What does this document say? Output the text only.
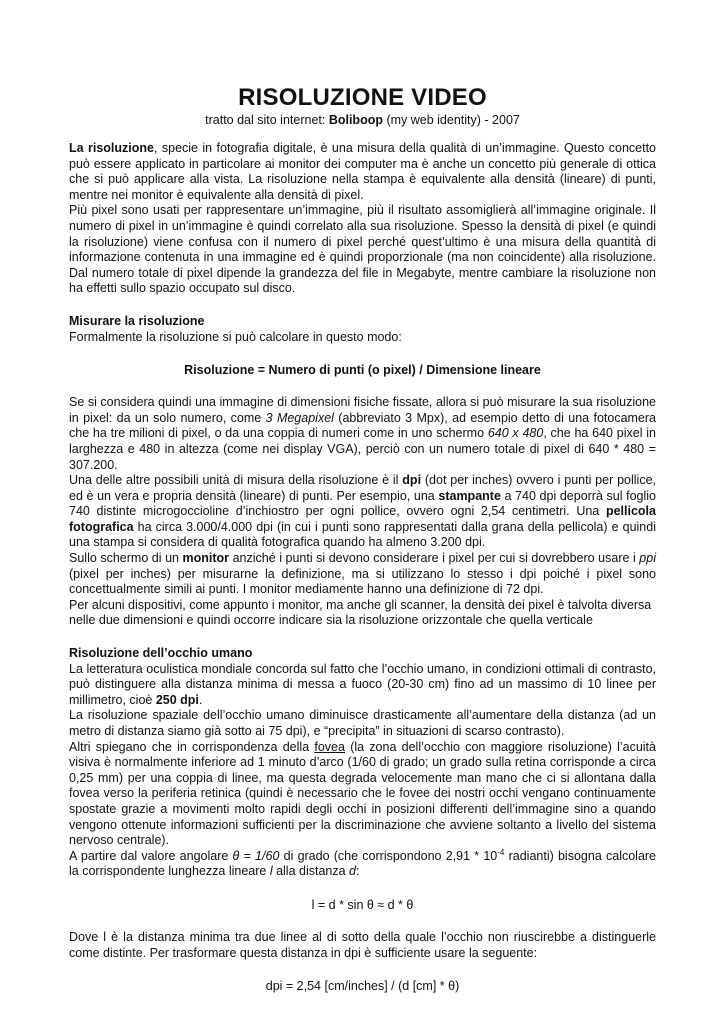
RISOLUZIONE VIDEO

tratto dal sito internet: Boliboop (my web identity) - 2007

La risoluzione, specie in fotografia digitale, è una misura della qualità di un’immagine. Questo concetto può essere applicato in particolare ai monitor dei computer ma è anche un concetto più generale di ottica che si può applicare alla vista. La risoluzione nella stampa è equivalente alla densità (lineare) di punti, mentre nei monitor è equivalente alla densità di pixel.

Più pixel sono usati per rappresentare un’immagine, più il risultato assomiglierà all’immagine originale. Il numero di pixel in un’immagine è quindi correlato alla sua risoluzione. Spesso la densità di pixel (e quindi la risoluzione) viene confusa con il numero di pixel perché quest’ultimo è una misura della quantità di informazione contenuta in una immagine ed è quindi proporzionale (ma non coincidente) alla risoluzione. Dal numero totale di pixel dipende la grandezza del file in Megabyte, mentre cambiare la risoluzione non ha effetti sullo spazio occupato sul disco.

Misurare la risoluzione

Formalmente la risoluzione si può calcolare in questo modo:

Risoluzione = Numero di punti (o pixel) / Dimensione lineare

Se si considera quindi una immagine di dimensioni fisiche fissate, allora si può misurare la sua risoluzione in pixel: da un solo numero, come 3 Megapixel (abbreviato 3 Mpx), ad esempio detto di una fotocamera che ha tre milioni di pixel, o da una coppia di numeri come in uno schermo 640 x 480, che ha 640 pixel in larghezza e 480 in altezza (come nei display VGA), perciò con un numero totale di pixel di 640 * 480 = 307.200.

Una delle altre possibili unità di misura della risoluzione è il dpi (dot per inches) ovvero i punti per pollice, ed è un vera e propria densità (lineare) di punti. Per esempio, una stampante a 740 dpi deporrà sul foglio 740 distinte microgoccioline d’inchiostro per ogni pollice, ovvero ogni 2,54 centimetri. Una pellicola fotografica ha circa 3.000/4.000 dpi (in cui i punti sono rappresentati dalla grana della pellicola) e quindi una stampa si considera di qualità fotografica quando ha almeno 3.200 dpi.

Sullo schermo di un monitor anziché i punti si devono considerare i pixel per cui si dovrebbero usare i ppi (pixel per inches) per misurarne la definizione, ma si utilizzano lo stesso i dpi poiché i pixel sono concettualmente simili ai punti. I monitor mediamente hanno una definizione di 72 dpi.

Per alcuni dispositivi, come appunto i monitor, ma anche gli scanner, la densità dei pixel è talvolta diversa nelle due dimensioni e quindi occorre indicare sia la risoluzione orizzontale che quella verticale

Risoluzione dell’occhio umano

La letteratura oculistica mondiale concorda sul fatto che l’occhio umano, in condizioni ottimali di contrasto, può distinguere alla distanza minima di messa a fuoco (20-30 cm) fino ad un massimo di 10 linee per millimetro, cioè 250 dpi.

La risoluzione spaziale dell’occhio umano diminuisce drasticamente all’aumentare della distanza (ad un metro di distanza siamo già sotto ai 75 dpi), e “precipita” in situazioni di scarso contrasto).

Altri spiegano che in corrispondenza della fovea (la zona dell’occhio con maggiore risoluzione) l’acuità visiva è normalmente inferiore ad 1 minuto d’arco (1/60 di grado; un grado sulla retina corrisponde a circa 0,25 mm) per una coppia di linee, ma questa degrada velocemente man mano che ci si allontana dalla fovea verso la periferia retinica (quindi è necessario che le fovee dei nostri occhi vengano continuamente spostate grazie a movimenti molto rapidi degli occhi in posizioni differenti dell’immagine sino a quando vengono ottenute informazioni sufficienti per la discriminazione che avviene soltanto a livello del sistema nervoso centrale).

A partire dal valore angolare θ = 1/60 di grado (che corrispondono $2,91 * 10^{-4}$ radianti) bisogna calcolare la corrispondente lunghezza lineare l alla distanza d:

l = d * sin θ ≈ d * θ

Dove l è la distanza minima tra due linee al di sotto della quale l’occhio non riuscirebbe a distinguerle come distinte. Per trasformare questa distanza in dpi è sufficiente usare la seguente:

dpi = 2,54 [cm/inches] / (d [cm] * θ)
